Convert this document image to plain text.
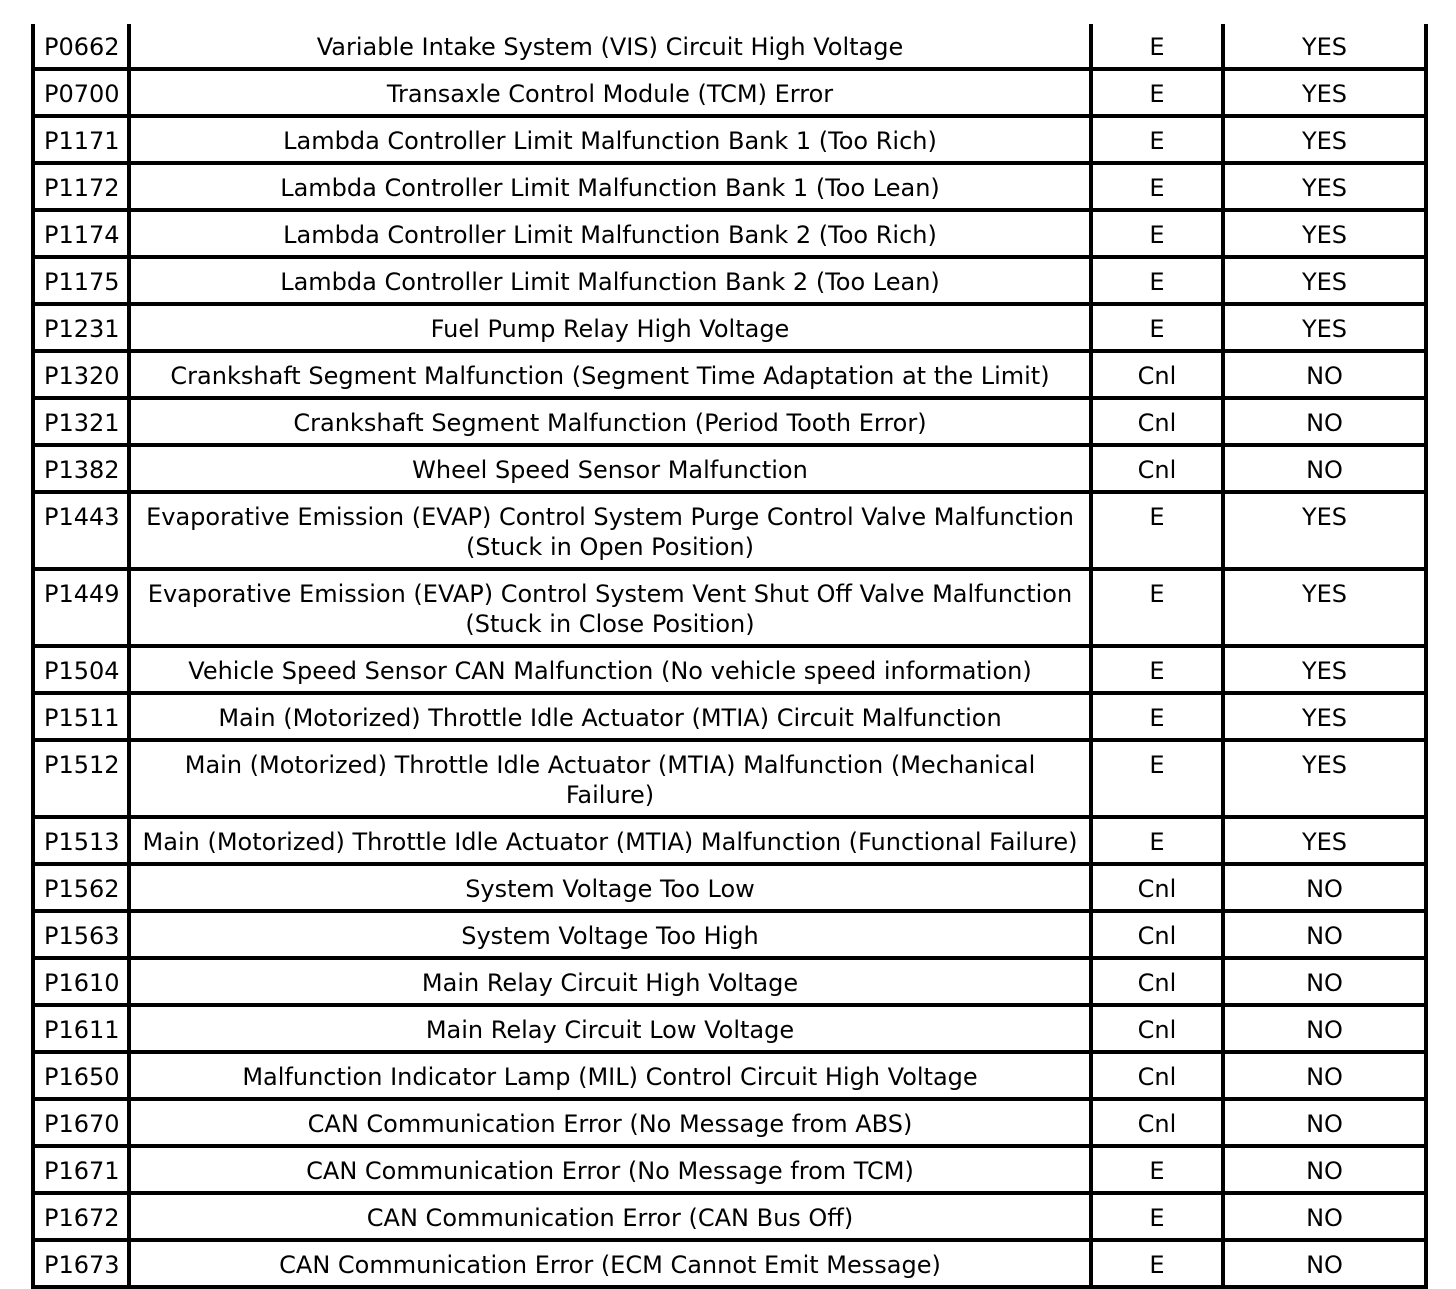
P0662	Variable Intake System (VIS) Circuit High Voltage	E	YES
P0700	Transaxle Control Module (TCM) Error	E	YES
P1171	Lambda Controller Limit Malfunction Bank 1 (Too Rich)	E	YES
P1172	Lambda Controller Limit Malfunction Bank 1 (Too Lean)	E	YES
P1174	Lambda Controller Limit Malfunction Bank 2 (Too Rich)	E	YES
P1175	Lambda Controller Limit Malfunction Bank 2 (Too Lean)	E	YES
P1231	Fuel Pump Relay High Voltage	E	YES
P1320	Crankshaft Segment Malfunction (Segment Time Adaptation at the Limit)	Cnl	NO
P1321	Crankshaft Segment Malfunction (Period Tooth Error)	Cnl	NO
P1382	Wheel Speed Sensor Malfunction	Cnl	NO
P1443	Evaporative Emission (EVAP) Control System Purge Control Valve Malfunction (Stuck in Open Position)	E	YES
P1449	Evaporative Emission (EVAP) Control System Vent Shut Off Valve Malfunction (Stuck in Close Position)	E	YES
P1504	Vehicle Speed Sensor CAN Malfunction (No vehicle speed information)	E	YES
P1511	Main (Motorized) Throttle Idle Actuator (MTIA) Circuit Malfunction	E	YES
P1512	Main (Motorized) Throttle Idle Actuator (MTIA) Malfunction (Mechanical Failure)	E	YES
P1513	Main (Motorized) Throttle Idle Actuator (MTIA) Malfunction (Functional Failure)	E	YES
P1562	System Voltage Too Low	Cnl	NO
P1563	System Voltage Too High	Cnl	NO
P1610	Main Relay Circuit High Voltage	Cnl	NO
P1611	Main Relay Circuit Low Voltage	Cnl	NO
P1650	Malfunction Indicator Lamp (MIL) Control Circuit High Voltage	Cnl	NO
P1670	CAN Communication Error (No Message from ABS)	Cnl	NO
P1671	CAN Communication Error (No Message from TCM)	E	NO
P1672	CAN Communication Error (CAN Bus Off)	E	NO
P1673	CAN Communication Error (ECM Cannot Emit Message)	E	NO
